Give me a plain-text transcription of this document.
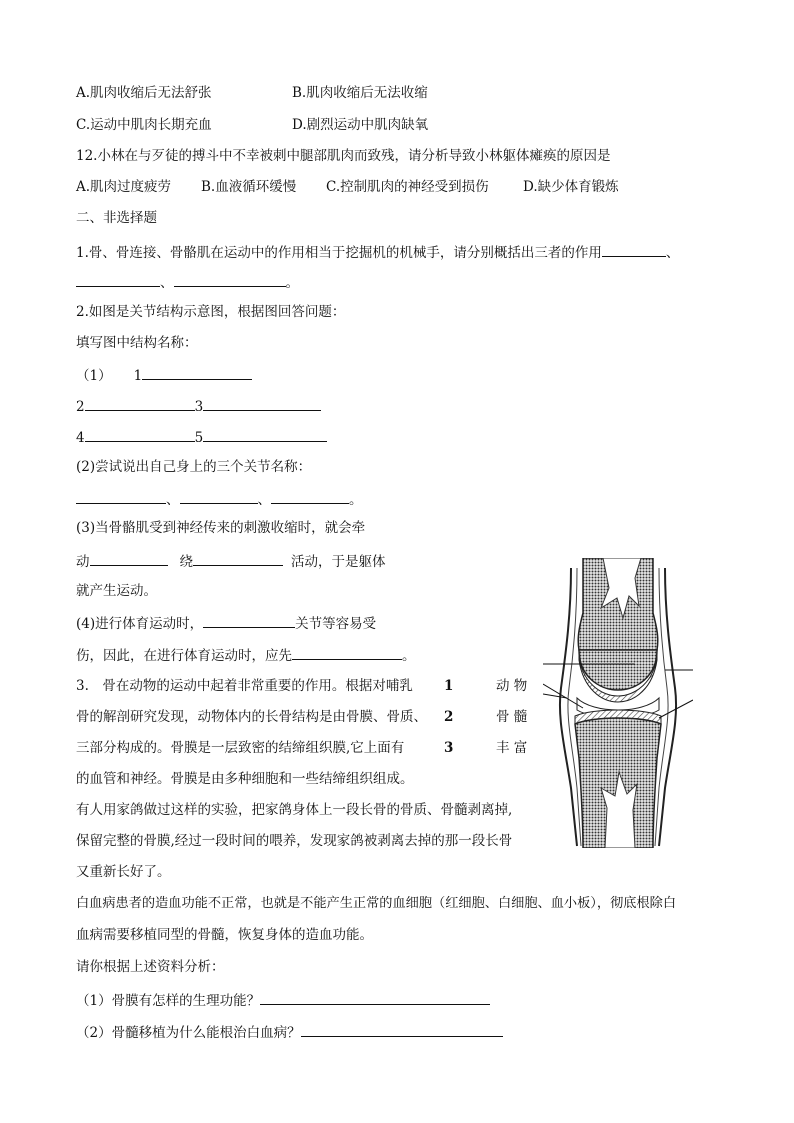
A.肌肉收缩后无法舒张	B.肌肉收缩后无法收缩
C.运动中肌肉长期充血	D.剧烈运动中肌肉缺氧
12.小林在与歹徒的搏斗中不幸被刺中腿部肌肉而致残，请分析导致小林躯体瘫痪的原因是
A.肌肉过度疲劳 B.血液循环缓慢 C.控制肌肉的神经受到损伤	D.缺少体育锻炼
二、非选择题
1.骨、骨连接、骨骼肌在运动中的作用相当于挖掘机的机械手，请分别概括出三者的作用	、
、	。
2.如图是关节结构示意图，根据图回答问题：
填写图中结构名称：
（1） 1
2	3
4	5
(2)尝试说出自己身上的三个关节名称：
、	、	。
(3)当骨骼肌受到神经传来的刺激收缩时，就会牵
动	绕	活动，于是躯体
就产生运动。
(4)进行体育运动时，	关节等容易受
伤，因此，在进行体育运动时，应先	。
3.　骨在动物的运动中起着非常重要的作用。根据对哺乳	动 物
骨的解剖研究发现，动物体内的长骨结构是由骨膜、骨质、	骨 髓
三部分构成的。骨膜是一层致密的结缔组织膜,它上面有	丰 富
1
2
3
的血管和神经。骨膜是由多种细胞和一些结缔组织组成。
有人用家鸽做过这样的实验，把家鸽身体上一段长骨的骨质、骨髓剥离掉,
保留完整的骨膜,经过一段时间的喂养，发现家鸽被剥离去掉的那一段长骨
又重新长好了。
白血病患者的造血功能不正常，也就是不能产生正常的血细胞（红细胞、白细胞、血小板），彻底根除白
血病需要移植同型的骨髓，恢复身体的造血功能。
请你根据上述资料分析：
（1）骨膜有怎样的生理功能？
（2）骨髓移植为什么能根治白血病？
